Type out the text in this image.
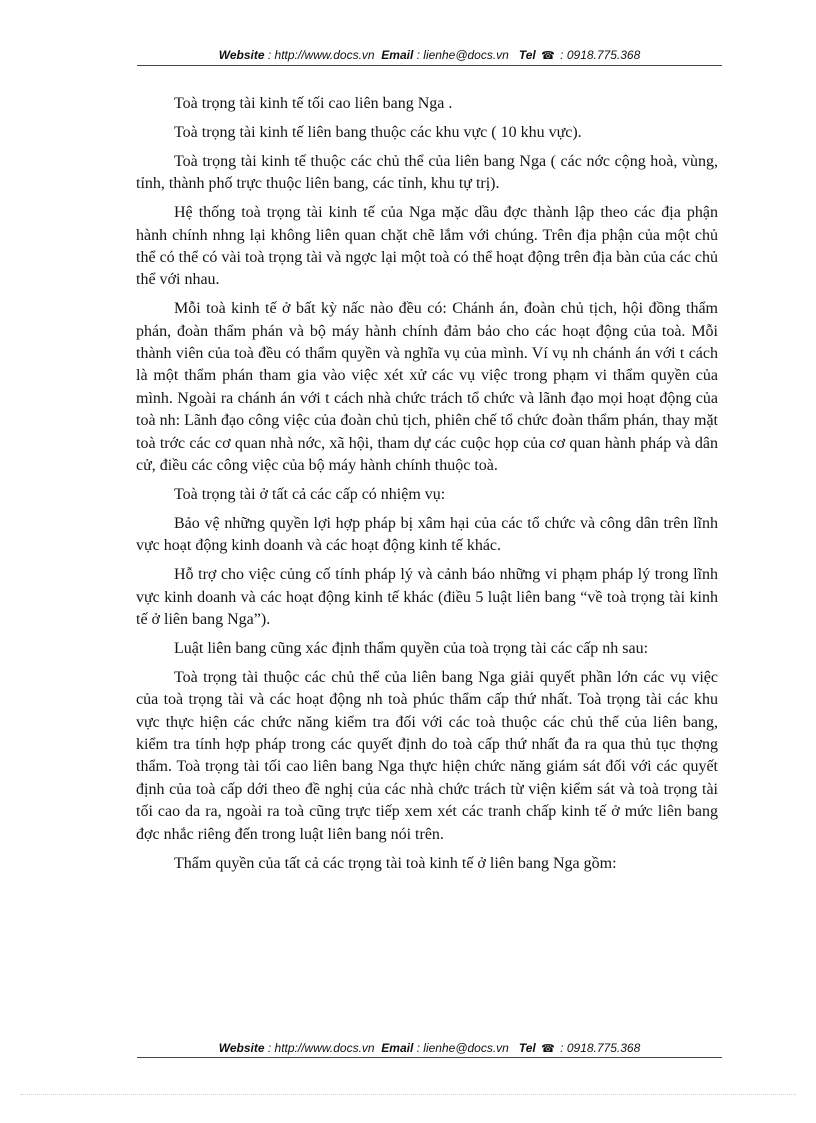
Website : http://www.docs.vn Email : lienhe@docs.vn Tel ☎ : 0918.775.368

Toà trọng tài kinh tế tối cao liên bang Nga .

Toà trọng tài kinh tế liên bang thuộc các khu vực ( 10 khu vực).

Toà trọng tài kinh tế thuộc các chủ thể của liên bang Nga ( các nớc cộng hoà, vùng, tỉnh, thành phố trực thuộc liên bang, các tỉnh, khu tự trị).

Hệ thống toà trọng tài kinh tế của Nga mặc dầu đợc thành lập theo các địa phận hành chính nhng lại không liên quan chặt chẽ lắm với chúng. Trên địa phận của một chủ thể có thể có vài toà trọng tài và ngợc lại một toà có thể hoạt động trên địa bàn của các chủ thể với nhau.

Mỗi toà kinh tế ở bất kỳ nấc nào đều có: Chánh án, đoàn chủ tịch, hội đồng thẩm phán, đoàn thẩm phán và bộ máy hành chính đảm bảo cho các hoạt động của toà. Mỗi thành viên của toà đều có thẩm quyền và nghĩa vụ của mình. Ví vụ nh chánh án với t cách là một thẩm phán tham gia vào việc xét xử các vụ việc trong phạm vi thẩm quyền của mình. Ngoài ra chánh án với t cách nhà chức trách tổ chức và lãnh đạo mọi hoạt động của toà nh: Lãnh đạo công việc của đoàn chủ tịch, phiên chế tổ chức đoàn thẩm phán, thay mặt toà trớc các cơ quan nhà nớc, xã hội, tham dự các cuộc họp của cơ quan hành pháp và dân cử, điều các công việc của bộ máy hành chính thuộc toà.

Toà trọng tài ở tất cả các cấp có nhiệm vụ:

Bảo vệ những quyền lợi hợp pháp bị xâm hại của các tổ chức và công dân trên lĩnh vực hoạt động kinh doanh và các hoạt động kinh tế khác.

Hỗ trợ cho việc củng cố tính pháp lý và cảnh báo những vi phạm pháp lý trong lĩnh vực kinh doanh và các hoạt động kinh tế khác (điều 5 luật liên bang “về toà trọng tài kinh tế ở liên bang Nga”).

Luật liên bang cũng xác định thẩm quyền của toà trọng tài các cấp nh sau:

Toà trọng tài thuộc các chủ thể của liên bang Nga giải quyết phần lớn các vụ việc của toà trọng tài và các hoạt động nh toà phúc thẩm cấp thứ nhất. Toà trọng tài các khu vực thực hiện các chức năng kiểm tra đối với các toà thuộc các chủ thể của liên bang, kiểm tra tính hợp pháp trong các quyết định do toà cấp thứ nhất đa ra qua thủ tục thợng thẩm. Toà trọng tài tối cao liên bang Nga thực hiện chức năng giám sát đối với các quyết định của toà cấp dới theo đề nghị của các nhà chức trách từ viện kiểm sát và toà trọng tài tối cao da ra, ngoài ra toà cũng trực tiếp xem xét các tranh chấp kinh tế ở mức liên bang đợc nhắc riêng đến trong luật liên bang nói trên.

Thẩm quyền của tất cả các trọng tài toà kinh tế ở liên bang Nga gồm:

Website : http://www.docs.vn Email : lienhe@docs.vn Tel ☎ : 0918.775.368
